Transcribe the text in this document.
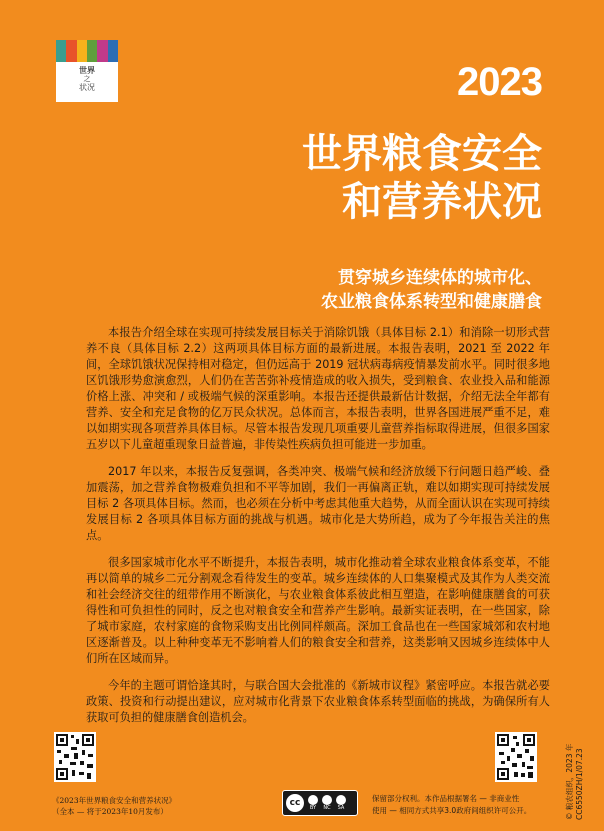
世界
之
状况	2023
世界粮食安全
和营养状况
贯穿城乡连续体的城市化、
农业粮食体系转型和健康膳食

本报告介绍全球在实现可持续发展目标关于消除饥饿（具体目标 2.1）和消除一切形式营养不良（具体目标 2.2）这两项具体目标方面的最新进展。本报告表明，2021 至 2022 年间，全球饥饿状况保持相对稳定，但仍远高于 2019 冠状病毒病疫情暴发前水平。同时很多地区饥饿形势愈演愈烈，人们仍在苦苦弥补疫情造成的收入损失，受到粮食、农业投入品和能源价格上涨、冲突和 / 或极端气候的深重影响。本报告还提供最新估计数据，介绍无法全年都有营养、安全和充足食物的亿万民众状况。总体而言，本报告表明，世界各国进展严重不足，难以如期实现各项营养具体目标。尽管本报告发现几项重要儿童营养指标取得进展，但很多国家五岁以下儿童超重现象日益普遍，非传染性疾病负担可能进一步加重。

2017 年以来，本报告反复强调，各类冲突、极端气候和经济放缓下行问题日趋严峻、叠加震荡，加之营养食物极难负担和不平等加剧，我们一再偏离正轨，难以如期实现可持续发展目标 2 各项具体目标。然而，也必须在分析中考虑其他重大趋势，从而全面认识在实现可持续发展目标 2 各项具体目标方面的挑战与机遇。城市化是大势所趋，成为了今年报告关注的焦点。

很多国家城市化水平不断提升，本报告表明，城市化推动着全球农业粮食体系变革，不能再以简单的城乡二元分割观念看待发生的变革。城乡连续体的人口集聚模式及其作为人类交流和社会经济交往的纽带作用不断演化，与农业粮食体系彼此相互塑造，在影响健康膳食的可获得性和可负担性的同时，反之也对粮食安全和营养产生影响。最新实证表明，在一些国家，除了城市家庭，农村家庭的食物采购支出比例同样颇高。深加工食品也在一些国家城郊和农村地区逐渐普及。以上种种变革无不影响着人们的粮食安全和营养，这类影响又因城乡连续体中人们所在区域而异。

今年的主题可谓恰逢其时，与联合国大会批准的《新城市议程》紧密呼应。本报告就必要政策、投资和行动提出建议，应对城市化背景下农业粮食体系转型面临的挑战，为确保所有人获取可负担的健康膳食创造机会。

《2023年世界粮食安全和营养状况》
（全本 — 将于2023年10月发布）
cc	BY NC SA
保留部分权利。本作品根据署名 — 非商业性
使用 — 相同方式共享3.0政府间组织许可公开。	© 粮农组织，2023 年 CC6550ZH/1/07.23
